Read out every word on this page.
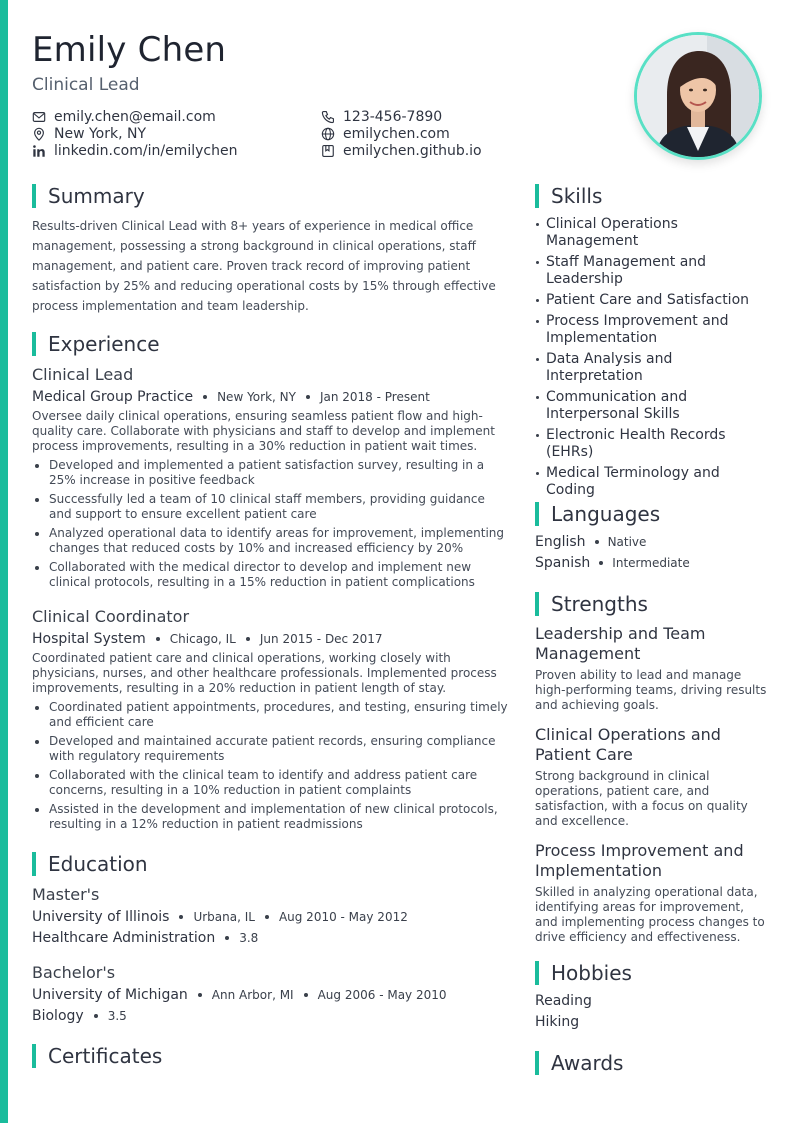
Emily Chen
Clinical Lead
emily.chen@email.com
New York, NY
linkedin.com/in/emilychen
123-456-7890
emilychen.com
emilychen.github.io
Summary
Results-driven Clinical Lead with 8+ years of experience in medical office management, possessing a strong background in clinical operations, staff management, and patient care. Proven track record of improving patient satisfaction by 25% and reducing operational costs by 15% through effective process implementation and team leadership.
Experience
Clinical Lead
Medical Group Practice New York, NY Jan 2018 - Present
Oversee daily clinical operations, ensuring seamless patient flow and high-quality care. Collaborate with physicians and staff to develop and implement process improvements, resulting in a 30% reduction in patient wait times.
Developed and implemented a patient satisfaction survey, resulting in a 25% increase in positive feedback
Successfully led a team of 10 clinical staff members, providing guidance and support to ensure excellent patient care
Analyzed operational data to identify areas for improvement, implementing changes that reduced costs by 10% and increased efficiency by 20%
Collaborated with the medical director to develop and implement new clinical protocols, resulting in a 15% reduction in patient complications
Clinical Coordinator
Hospital System Chicago, IL Jun 2015 - Dec 2017
Coordinated patient care and clinical operations, working closely with physicians, nurses, and other healthcare professionals. Implemented process improvements, resulting in a 20% reduction in patient length of stay.
Coordinated patient appointments, procedures, and testing, ensuring timely and efficient care
Developed and maintained accurate patient records, ensuring compliance with regulatory requirements
Collaborated with the clinical team to identify and address patient care concerns, resulting in a 10% reduction in patient complaints
Assisted in the development and implementation of new clinical protocols, resulting in a 12% reduction in patient readmissions
Education
Master's
University of Illinois Urbana, IL Aug 2010 - May 2012
Healthcare Administration 3.8
Bachelor's
University of Michigan Ann Arbor, MI Aug 2006 - May 2010
Biology 3.5
Certificates
Skills
Clinical Operations Management
Staff Management and Leadership
Patient Care and Satisfaction
Process Improvement and Implementation
Data Analysis and Interpretation
Communication and Interpersonal Skills
Electronic Health Records (EHRs)
Medical Terminology and Coding
Languages
English Native
Spanish Intermediate
Strengths
Leadership and Team Management
Proven ability to lead and manage high-performing teams, driving results and achieving goals.
Clinical Operations and Patient Care
Strong background in clinical operations, patient care, and satisfaction, with a focus on quality and excellence.
Process Improvement and Implementation
Skilled in analyzing operational data, identifying areas for improvement, and implementing process changes to drive efficiency and effectiveness.
Hobbies
Reading
Hiking
Awards
